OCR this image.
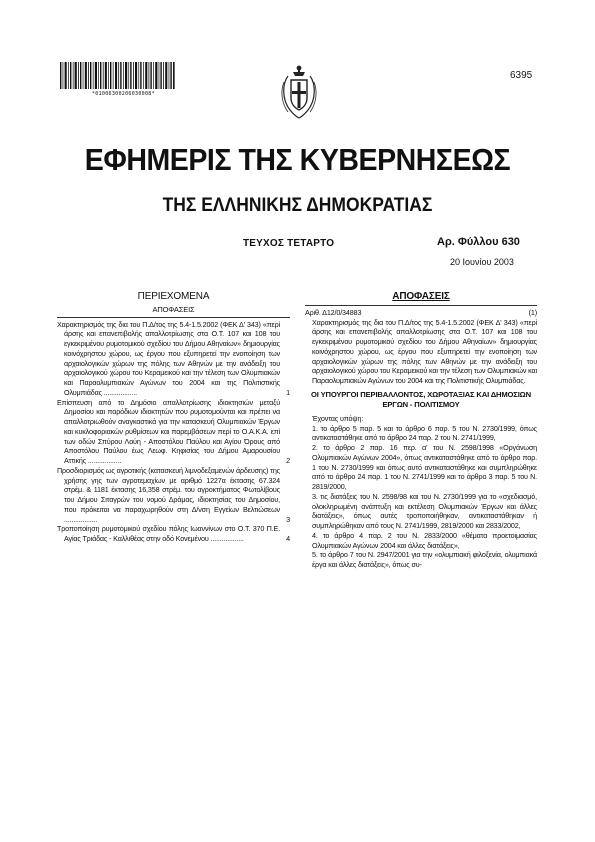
*01006300206030008*
6395
ΕΦΗΜΕΡΙΣ ΤΗΣ ΚΥΒΕΡΝΗΣΕΩΣ
ΤΗΣ ΕΛΛΗΝΙΚΗΣ ΔΗΜΟΚΡΑΤΙΑΣ
ΤΕΥΧΟΣ ΤΕΤΑΡΤΟ	Αρ. Φύλλου 630
20 Ιουνίου 2003
ΠΕΡΙΕΧΟΜΕΝΑ
ΑΠΟΦΑΣΕΙΣ
Χαρακτηρισμός της δια του Π.Δ/τος της 5.4-1.5.2002 (ΦΕΚ Δ' 343) «περί άρσης και επανεπιβολής απαλλοτρίωσης στα Ο.Τ. 107 και 108 του εγκεκριμένου ρυμοτομικού σχεδίου του Δήμου Αθηναίων» δημιουργίας κοινόχρηστου χώρου, ως έργου που εξυπηρετεί την ενοποίηση των αρχαιολογικών χώρων της πόλης των Αθηνών με την ανάδειξη του αρχαιολογικού χώρου του Κεραμεικού και την τέλεση των Ολυμπιακών και Παραολυμπιακών Αγώνων του 2004 και της Πολιτιστικής Ολυμπιάδας ..................	1
Επίσπευση από το Δημόσιο απαλλοτρίωσης ιδιοκτησιών μεταξύ Δημοσίου και παρόδιων ιδιοκτητών που ρυμοτομούνται και πρέπει να απαλλοτριωθούν αναγκαστικά για την κατασκευή Ολυμπιακών Έργων και κυκλοφοριακών ρυθμίσεων και παρεμβάσεων περί το Ο.Α.Κ.Α. επί των οδών Σπύρου Λούη - Αποστόλου Παύλου και Αγίου Όρους από Αποστόλου Παύλου έως Λεωφ. Κηφισίας του Δήμου Αμαρουσίου Αττικής ..................	2
Προσδιορισμός ως αγροτικής (κατασκευή λιμνοδεξαμενών άρδευσης) της χρήσης γης των αγροτεμαχίων με αριθμό 1227α έκτασης 67.324 στρέμ. & 1181 έκτασης 16,358 στρέμ. του αγροκτήματος Φωτολίβους του Δήμου Σιταγρών του νομού Δράμας, ιδιοκτησίας του Δημοσίου, που πρόκειται να παραχωρηθούν στη Δ/νση Εγγείων Βελτιώσεων ..................	3
Τροποποίηση ρυμοτομικού σχεδίου πόλης Ιωαννίνων στο Ο.Τ. 370 Π.Ε. Αγίας Τριάδας - Καλλιθέας στην οδό Κονεμένου ..................	4
ΑΠΟΦΑΣΕΙΣ
Αριθ. Δ12/0/34883	(1)
Χαρακτηρισμός της δια του Π.Δ/τος της 5.4-1.5.2002 (ΦΕΚ Δ' 343) «περί άρσης και επανεπιβολής απαλλοτρίωσης στα Ο.Τ. 107 και 108 του εγκεκριμένου ρυμοτομικού σχεδίου του Δήμου Αθηναίων» δημιουργίας κοινόχρηστου χώρου, ως έργου που εξυπηρετεί την ενοποίηση των αρχαιολογικών χώρων της πόλης των Αθηνών με την ανάδειξη του αρχαιολογικού χώρου του Κεραμεικού και την τέλεση των Ολυμπιακών και Παραολυμπιακών Αγώνων του 2004 και της Πολιτιστικής Ολυμπιάδας.
ΟΙ ΥΠΟΥΡΓΟΙ ΠΕΡΙΒΑΛΛΟΝΤΟΣ, ΧΩΡΟΤΑΞΙΑΣ ΚΑΙ ΔΗΜΟΣΙΩΝ ΕΡΓΩΝ - ΠΟΛΙΤΙΣΜΟΥ
Έχοντας υπόψη:
1. το άρθρο 5 παρ. 5 και το άρθρο 6 παρ. 5 του Ν. 2730/1999, όπως αντικαταστάθηκε από το άρθρο 24 παρ. 2 του Ν. 2741/1999,
2. το άρθρο 2 παρ. 16 περ. α' του Ν. 2598/1998 «Οργάνωση Ολυμπιακών Αγώνων 2004», όπως αντικαταστάθηκε από το άρθρο παρ. 1 του Ν. 2730/1999 και όπως αυτό αντικαταστάθηκε και συμπληρώθηκε από το άρθρο 24 παρ. 1 του Ν. 2741/1999 και το άρθρο 3 παρ. 5 του Ν. 2819/2000,
3. τις διατάξεις του Ν. 2598/98 και του Ν. 2730/1999 για το «σχεδιασμό, ολοκληρωμένη ανάπτυξη και εκτέλεση Ολυμπιακών Έργων και άλλες διατάξεις», όπως αυτές τροποποιήθηκαν, αντικαταστάθηκαν ή συμπληρώθηκαν από τους Ν. 2741/1999, 2819/2000 και 2833/2002,
4. το άρθρο 4 παρ. 2 του Ν. 2833/2000 «θέματα προετοιμασίας Ολυμπιακών Αγώνων 2004 και άλλες διατάξεις»,
5. το άρθρο 7 του Ν. 2947/2001 για την «ολυμπιακή φιλοξενία, ολυμπιακά έργα και άλλες διατάξεις», όπως συ-
